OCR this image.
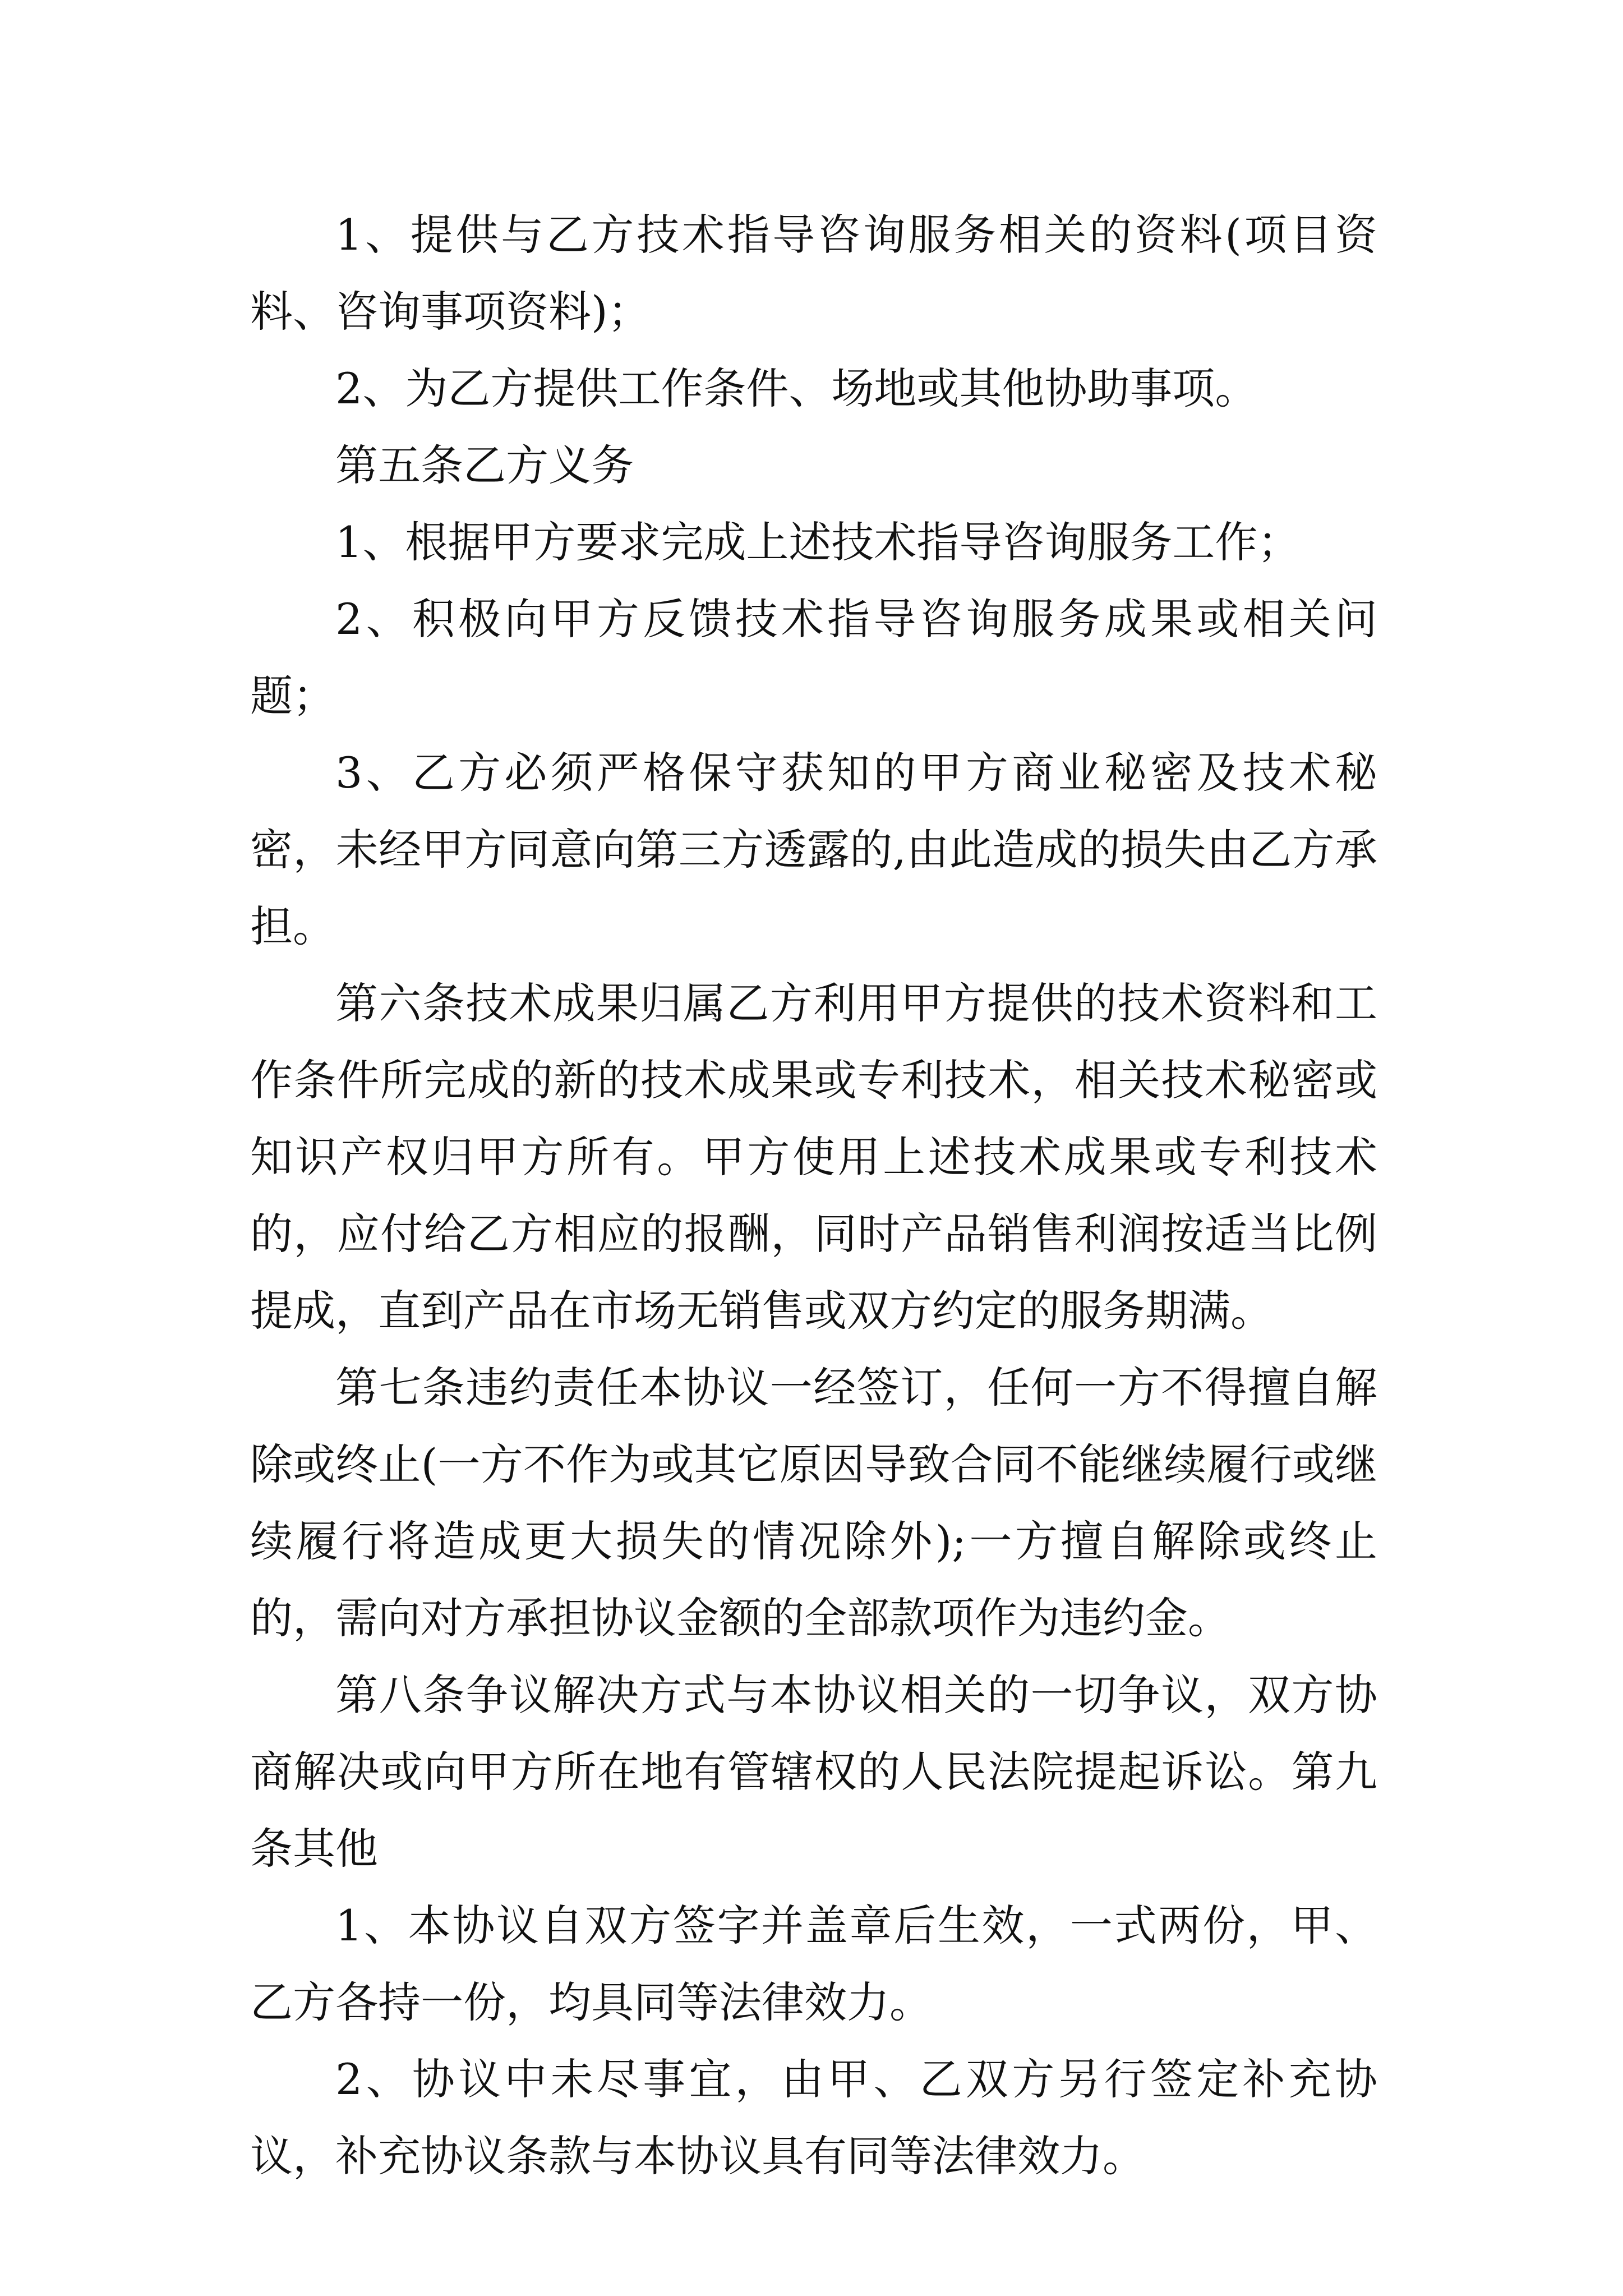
1、提供与乙方技术指导咨询服务相关的资料(项目资料、咨询事项资料)；

2、为乙方提供工作条件、场地或其他协助事项。

第五条乙方义务

1、根据甲方要求完成上述技术指导咨询服务工作；

2、积极向甲方反馈技术指导咨询服务成果或相关问题；

3、乙方必须严格保守获知的甲方商业秘密及技术秘密，未经甲方同意向第三方透露的,由此造成的损失由乙方承担。

第六条技术成果归属乙方利用甲方提供的技术资料和工作条件所完成的新的技术成果或专利技术，相关技术秘密或知识产权归甲方所有。甲方使用上述技术成果或专利技术的，应付给乙方相应的报酬，同时产品销售利润按适当比例提成，直到产品在市场无销售或双方约定的服务期满。

第七条违约责任本协议一经签订，任何一方不得擅自解除或终止(一方不作为或其它原因导致合同不能继续履行或继续履行将造成更大损失的情况除外);一方擅自解除或终止的，需向对方承担协议金额的全部款项作为违约金。

第八条争议解决方式与本协议相关的一切争议，双方协商解决或向甲方所在地有管辖权的人民法院提起诉讼。第九条其他

1、本协议自双方签字并盖章后生效，一式两份，甲、乙方各持一份，均具同等法律效力。

2、协议中未尽事宜，由甲、乙双方另行签定补充协议，补充协议条款与本协议具有同等法律效力。
